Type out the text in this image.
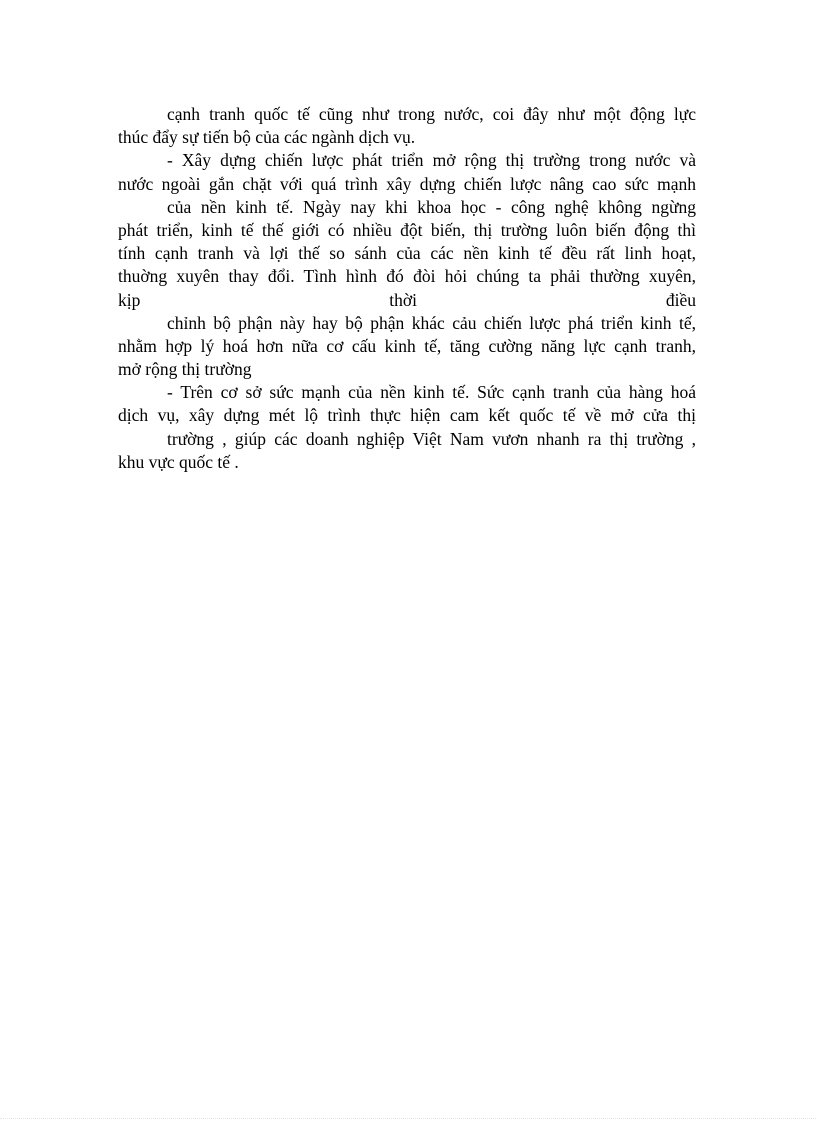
cạnh tranh quốc tế cũng như trong nước, coi đây như một động lực
thúc đẩy sự tiến bộ của các ngành dịch vụ.
- Xây dựng chiến lược phát triển mở rộng thị trường trong nước và
nước ngoài gắn chặt với quá trình xây dựng chiến lược nâng cao sức mạnh
của nền kinh tế. Ngày nay khi khoa học - công nghệ không ngừng
phát triển, kinh tế thế giới có nhiều đột biến, thị trường luôn biến động thì
tính cạnh tranh và lợi thế so sánh của các nền kinh tế đều rất linh hoạt,
thuờng xuyên thay đổi. Tình hình đó đòi hỏi chúng ta phải thường xuyên,
kịp thời điều
chỉnh bộ phận này hay bộ phận khác cảu chiến lược phá triển kinh tế,
nhằm hợp lý hoá hơn nữa cơ cấu kinh tế, tăng cường năng lực cạnh tranh,
mở rộng thị trường
- Trên cơ sở sức mạnh của nền kinh tế. Sức cạnh tranh của hàng hoá
dịch vụ, xây dựng mét lộ trình thực hiện cam kết quốc tế về mở cửa thị
trường , giúp các doanh nghiệp Việt Nam vươn nhanh ra thị trường ,
khu vực quốc tế .
